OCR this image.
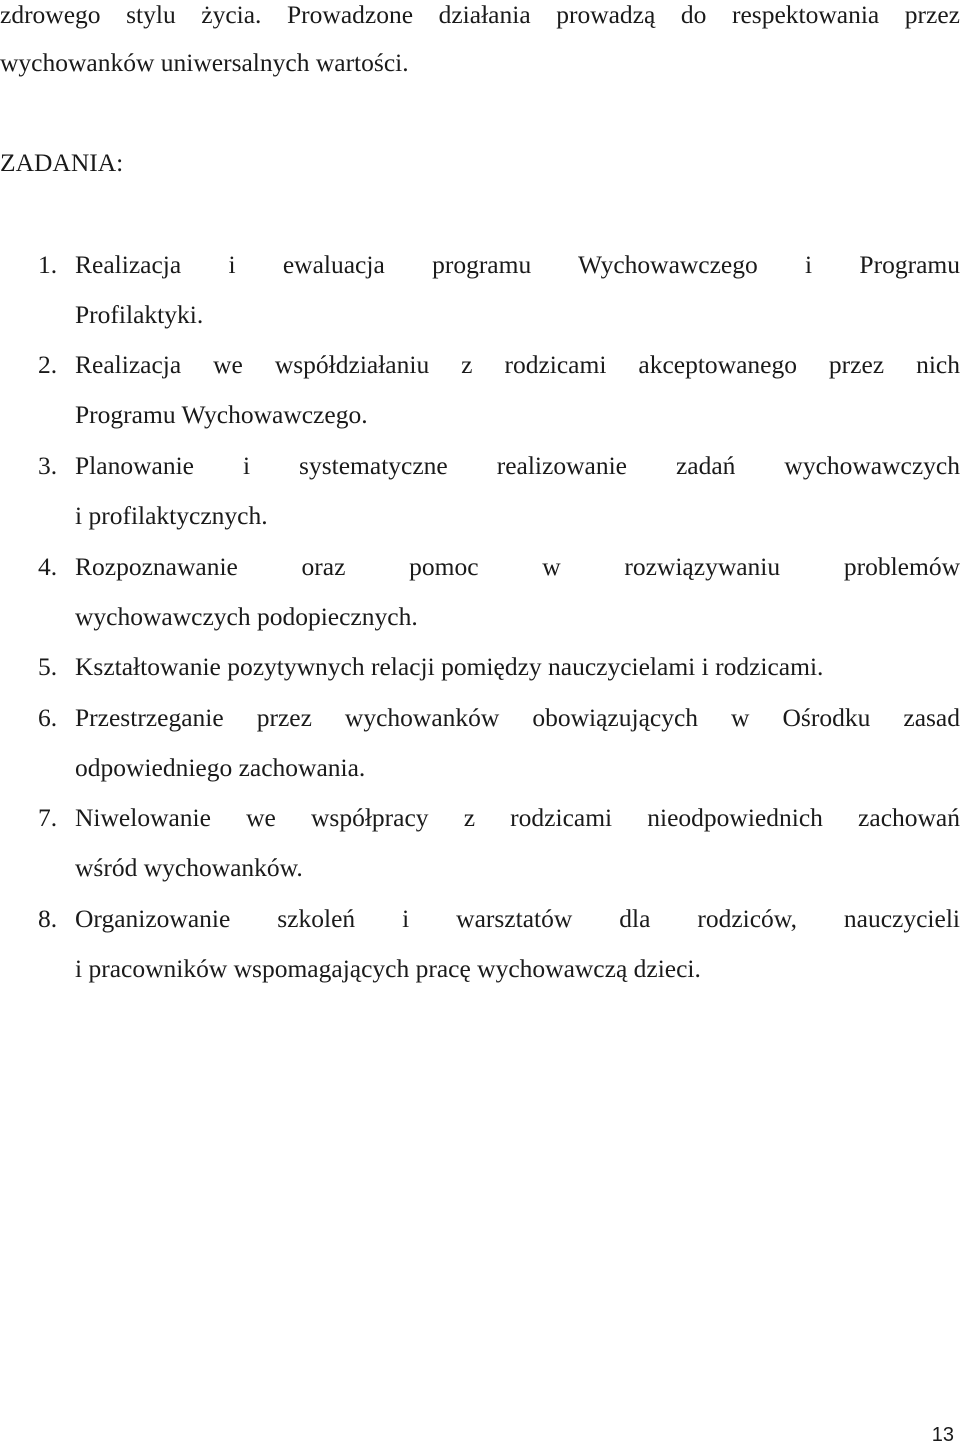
zdrowego stylu życia. Prowadzone działania prowadzą do respektowania przez
wychowanków uniwersalnych wartości.
ZADANIA:
1. Realizacja i ewaluacja programu Wychowawczego i Programu
Profilaktyki.
2. Realizacja we współdziałaniu z rodzicami akceptowanego przez nich
Programu Wychowawczego.
3. Planowanie i systematyczne realizowanie zadań wychowawczych
i profilaktycznych.
4. Rozpoznawanie oraz pomoc w rozwiązywaniu problemów
wychowawczych podopiecznych.
5. Kształtowanie pozytywnych relacji pomiędzy nauczycielami i rodzicami.
6. Przestrzeganie przez wychowanków obowiązujących w Ośrodku zasad
odpowiedniego zachowania.
7. Niwelowanie we współpracy z rodzicami nieodpowiednich zachowań
wśród wychowanków.
8. Organizowanie szkoleń i warsztatów dla rodziców, nauczycieli
i pracowników wspomagających pracę wychowawczą dzieci.
13
